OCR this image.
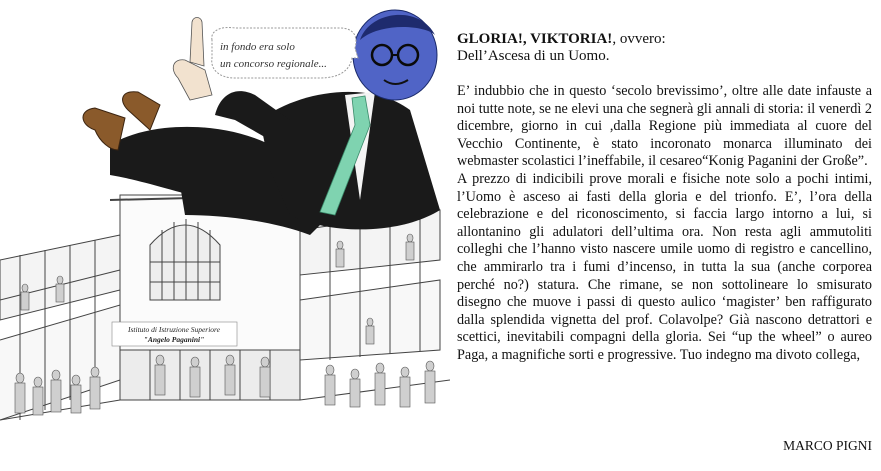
Istituto di Istruzione Superiore
"Angelo Paganini"
in fondo era solo
un concorso regionale...

GLORIA!, VIKTORIA!, ovvero:

Dell’Ascesa di un Uomo.

E’ indubbio che in questo ‘secolo brevissimo’, oltre alle date infauste a noi tutte note, se ne elevi una che segnerà gli annali di storia: il venerdì 2 dicembre, giorno in cui ,dalla Regione più immediata al cuore del Vecchio Continente, è stato incoronato monarca illuminato dei webmaster scolastici l’ineffabile, il cesareo“Konig Paganini der Große”.

A prezzo di indicibili prove morali e fisiche note solo a pochi intimi, l’Uomo è asceso ai fasti della gloria e del trionfo. E’, l’ora della celebrazione e del riconoscimento, si faccia largo intorno a lui, si allontanino gli adulatori dell’ultima ora. Non resta agli ammutoliti colleghi che l’hanno visto nascere umile uomo di registro e cancellino, che ammirarlo tra i fumi d’incenso, in tutta la sua (anche corporea perché no?) statura. Che rimane, se non sottolineare lo smisurato disegno che muove i passi di questo aulico ‘magister’ ben raffigurato dalla splendida vignetta del prof. Colavolpe? Già nascono detrattori e scettici, inevitabili compagni della gloria. Sei “up the wheel” o aureo Paga, a magnifiche sorti e progressive. Tuo indegno ma divoto collega,

MARCO PIGNI
